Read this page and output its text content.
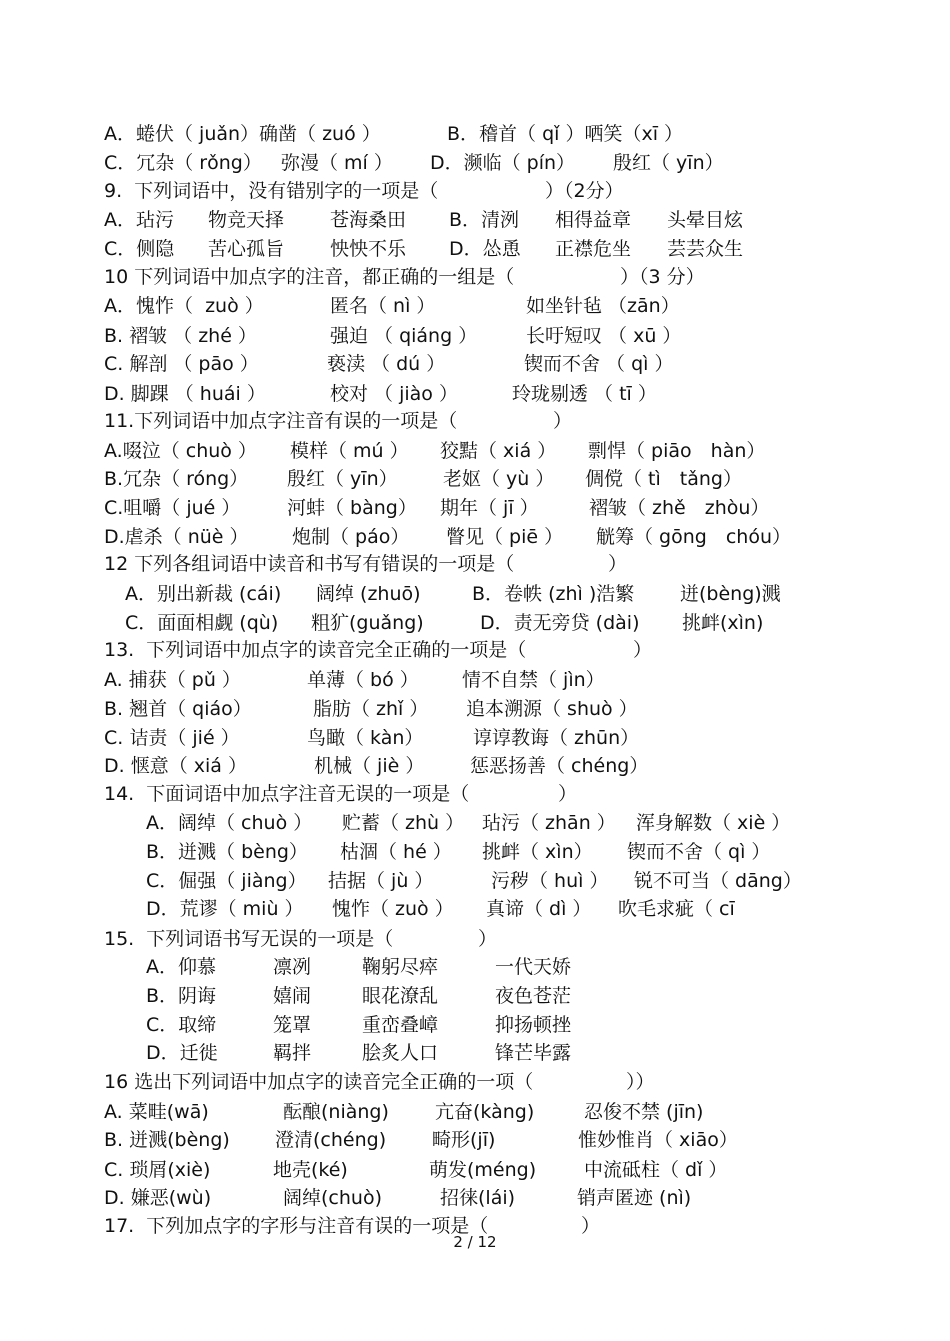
A．蜷伏（ juǎn）确凿（ zuó ）	B．稽首（ qǐ ）哂笑（xī ）
C．冗杂（ rǒng） 弥漫（ mí ） D．濒临（ pín） 殷红（ yīn）
9.  下列词语中，没有错别字的一项是（	）（2分）
A．玷污 物竞天择 苍海桑田 B．清洌 相得益章 头晕目炫
C．侧隐 苦心孤旨 怏怏不乐 D．怂恿 正襟危坐 芸芸众生
10 下列词语中加点字的注音，都正确的一组是（	）（3 分）
A．愧怍（  zuò ）	匿名（ nì ）	如坐针毡 （zān）
B. 褶皱 （ zhé ）	强迫 （ qiáng ）	长吁短叹 （ xū ）
C. 解剖 （ pāo ）	亵渎 （ dú ）	锲而不舍 （ qì ）
D. 脚踝 （ huái ）	校对 （ jiào ）	玲珑剔透 （ tī ）
11.下列词语中加点字注音有误的一项是（	）
A.啜泣（ chuò ） 模样（ mú ） 狡黠（ xiá ） 剽悍（ piāo　hàn）
B.冗杂（ róng） 殷红（ yīn） 老妪（ yù ） 倜傥（ tì　tǎng）
C.咀嚼（ jué ） 河蚌（ bàng） 期年（ jī ）	褶皱（ zhě　zhòu）
D.虐杀（ nüè ） 炮制（ páo） 瞥见（ piē ） 觥筹（ gōng　chóu）
12 下列各组词语中读音和书写有错误的一项是（	）
A．别出新裁 (cái) 阔绰 (zhuō)	B．卷帙 (zhì )浩繁 迸(bèng)溅
C．面面相觑 (qù) 粗犷(guǎng)	D．责无旁贷 (dài) 挑衅(xìn)
13.  下列词语中加点字的读音完全正确的一项是（	）
A. 捕获（ pǔ ）	单薄（ bó ） 情不自禁（ jìn）
B. 翘首（ qiáo）	脂肪（ zhǐ ） 追本溯源（ shuò ）
C. 诘责（ jié ）	鸟瞰（ kàn）	谆谆教诲（ zhūn）
D. 惬意（ xiá ）	机械（ jiè ） 惩恶扬善（ chéng）
14.  下面词语中加点字注音无误的一项是（	）
A．阔绰（ chuò ） 贮蓄（ zhù ） 玷污（ zhān ） 浑身解数（ xiè ）
B．迸溅（ bèng） 枯涸（ hé ） 挑衅（ xìn） 锲而不舍（ qì ）
C．倔强（ jiàng） 拮据（ jù ）	污秽（ huì ） 锐不可当（ dāng）
D．荒谬（ miù ） 愧怍（ zuò ） 真谛（ dì ） 吹毛求疵（ cī
15.  下列词语书写无误的一项是（	）
A．仰慕	凛冽	鞠躬尽瘁	一代天娇
B．阴诲	嬉闹	眼花潦乱	夜色苍茫
C．取缔	笼罩	重峦叠嶂	抑扬顿挫
D．迁徙	羁拌	脍炙人口	锋芒毕露
16 选出下列词语中加点字的读音完全正确的一项（	））
A. 菜畦(wā)	酝酿(niàng) 亢奋(kàng)	忍俊不禁 (jīn)
B. 迸溅(bèng) 澄清(chéng) 畸形(jī)	惟妙惟肖（ xiāo）
C. 琐屑(xiè)	地壳(ké)	萌发(méng)	中流砥柱（ dǐ ）
D. 嫌恶(wù)	阔绰(chuò)	招徕(lái)	销声匿迹 (nì)
17.  下列加点字的字形与注音有误的一项是（	）
2 / 12
